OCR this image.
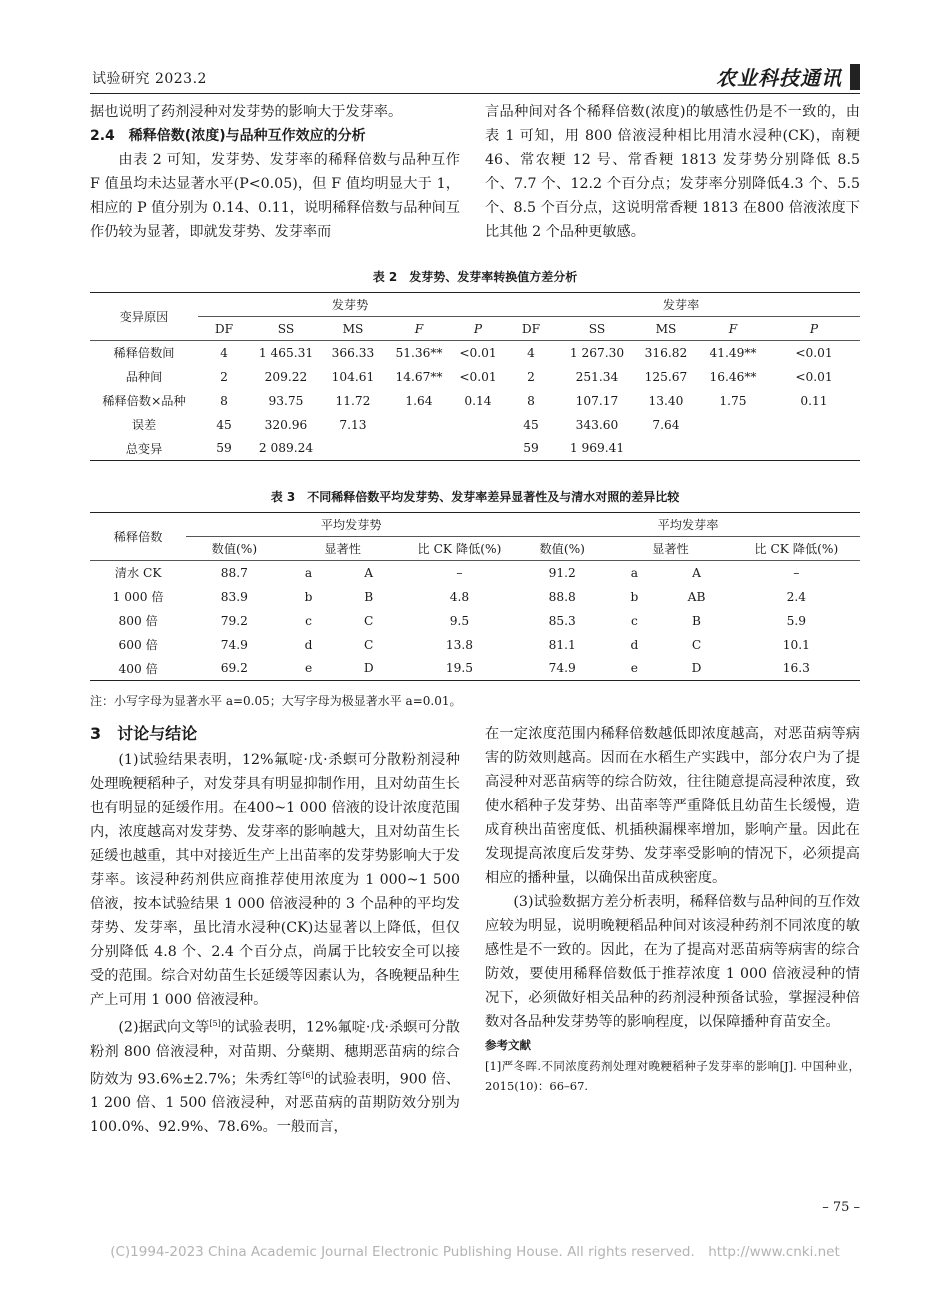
试验研究 2023.2	农业科技通讯

据也说明了药剂浸种对发芽势的影响大于发芽率。

2.4　稀释倍数(浓度)与品种互作效应的分析

由表 2 可知，发芽势、发芽率的稀释倍数与品种互作 F 值虽均未达显著水平(P<0.05)，但 F 值均明显大于 1，相应的 P 值分别为 0.14、0.11，说明稀释倍数与品种间互作仍较为显著，即就发芽势、发芽率而

言品种间对各个稀释倍数(浓度)的敏感性仍是不一致的，由表 1 可知，用 800 倍液浸种相比用清水浸种(CK)，南粳 46、常农粳 12 号、常香粳 1813 发芽势分别降低 8.5 个、7.7 个、12.2 个百分点；发芽率分别降低4.3 个、5.5 个、8.5 个百分点，这说明常香粳 1813 在800 倍液浓度下比其他 2 个品种更敏感。

表 2　发芽势、发芽率转换值方差分析
变异原因	发芽势					发芽率				
	DF	SS	MS	F	P	DF	SS	MS	F	P
稀释倍数间	4	1 465.31	366.33	51.36**	<0.01	4	1 267.30	316.82	41.49**	<0.01
品种间	2	209.22	104.61	14.67**	<0.01	2	251.34	125.67	16.46**	<0.01
稀释倍数×品种	8	93.75	11.72	1.64	0.14	8	107.17	13.40	1.75	0.11
误差	45	320.96	7.13			45	343.60	7.64		
总变异	59	2 089.24				59	1 969.41			
表 3　不同稀释倍数平均发芽势、发芽率差异显著性及与清水对照的差异比较
稀释倍数	平均发芽势				平均发芽率			
	数值(%)	显著性		比 CK 降低(%)	数值(%)	显著性		比 CK 降低(%)
清水 CK	88.7	a	A	–	91.2	a	A	–
1 000 倍	83.9	b	B	4.8	88.8	b	AB	2.4
800 倍	79.2	c	C	9.5	85.3	c	B	5.9
600 倍	74.9	d	C	13.8	81.1	d	C	10.1
400 倍	69.2	e	D	19.5	74.9	e	D	16.3
注：小写字母为显著水平 a=0.05；大写字母为极显著水平 a=0.01。

3　讨论与结论

(1)试验结果表明，12%氟啶·戊·杀螟可分散粉剂浸种处理晚粳稻种子，对发芽具有明显抑制作用，且对幼苗生长也有明显的延缓作用。在400~1 000 倍液的设计浓度范围内，浓度越高对发芽势、发芽率的影响越大，且对幼苗生长延缓也越重，其中对接近生产上出苗率的发芽势影响大于发芽率。该浸种药剂供应商推荐使用浓度为 1 000~1 500 倍液，按本试验结果 1 000 倍液浸种的 3 个品种的平均发芽势、发芽率，虽比清水浸种(CK)达显著以上降低，但仅分别降低 4.8 个、2.4 个百分点，尚属于比较安全可以接受的范围。综合对幼苗生长延缓等因素认为，各晚粳品种生产上可用 1 000 倍液浸种。

(2)据武向文等[5]的试验表明，12%氟啶·戊·杀螟可分散粉剂 800 倍液浸种，对苗期、分蘖期、穗期恶苗病的综合防效为 93.6%±2.7%；朱秀红等[6]的试验表明，900 倍、1 200 倍、1 500 倍液浸种，对恶苗病的苗期防效分别为 100.0%、92.9%、78.6%。一般而言，

在一定浓度范围内稀释倍数越低即浓度越高，对恶苗病等病害的防效则越高。因而在水稻生产实践中，部分农户为了提高浸种对恶苗病等的综合防效，往往随意提高浸种浓度，致使水稻种子发芽势、出苗率等严重降低且幼苗生长缓慢，造成育秧出苗密度低、机插秧漏棵率增加，影响产量。因此在发现提高浓度后发芽势、发芽率受影响的情况下，必须提高相应的播种量，以确保出苗成秧密度。

(3)试验数据方差分析表明，稀释倍数与品种间的互作效应较为明显，说明晚粳稻品种间对该浸种药剂不同浓度的敏感性是不一致的。因此，在为了提高对恶苗病等病害的综合防效，要使用稀释倍数低于推荐浓度 1 000 倍液浸种的情况下，必须做好相关品种的药剂浸种预备试验，掌握浸种倍数对各品种发芽势等的影响程度，以保障播种育苗安全。

参考文献

[1]严冬晖.不同浓度药剂处理对晚粳稻种子发芽率的影响[J]. 中国种业，2015(10)：66–67.

– 75 –
(C)1994-2023 China Academic Journal Electronic Publishing House. All rights reserved.　http://www.cnki.net
